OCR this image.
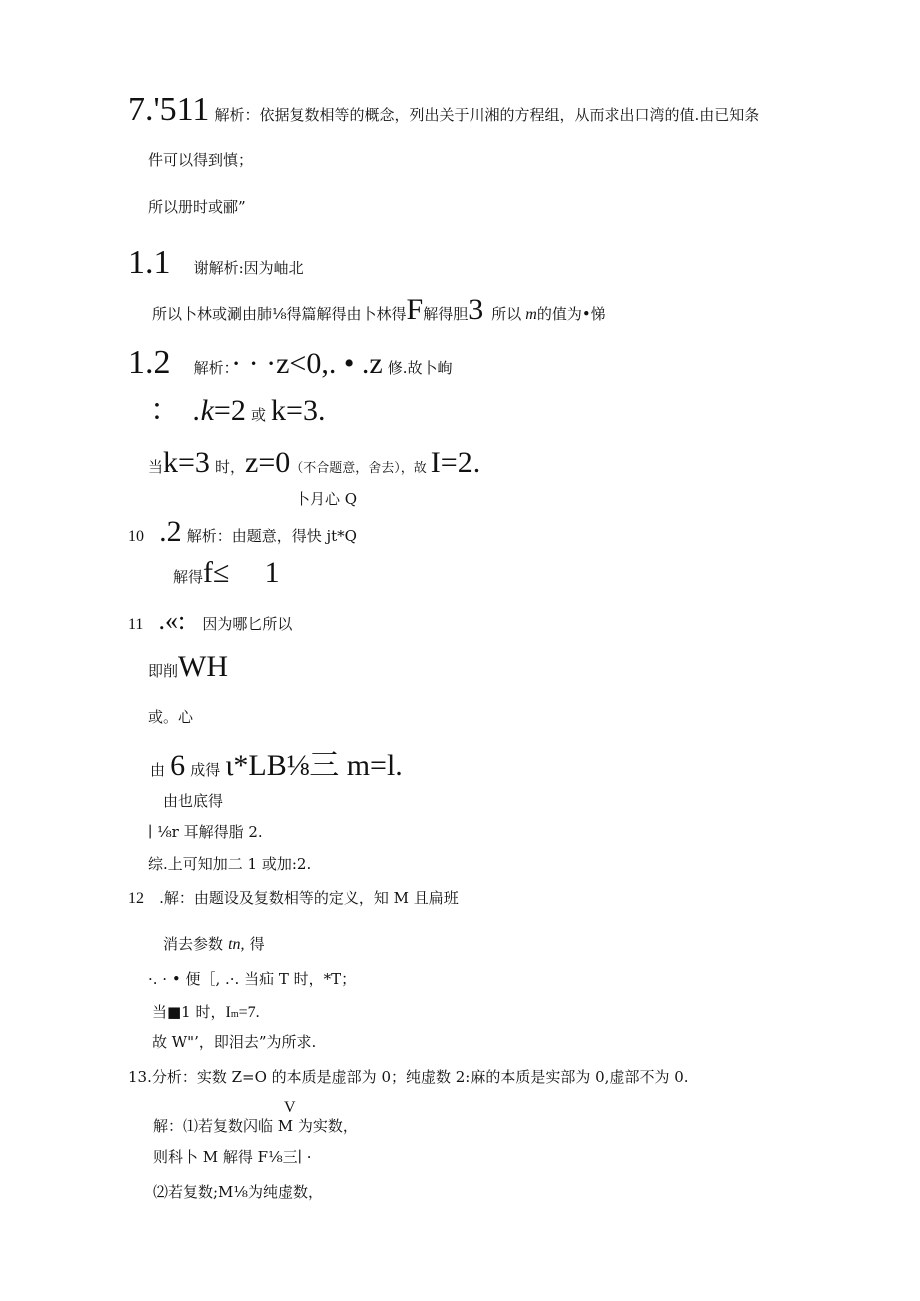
7.'511 解析：依据复数相等的概念，列出关于川湘的方程组，从而求出口湾的值.由已知条
件可以得到慎；
所以册时或郦”
1.1 谢解析:因为岫北
所以卜林或涮由肺⅛得篇解得由卜林得F解得胆3 所以 m的值为•悌
1.2 解析：· · ·z<0,. • .z 修.故卜峋
： .k=2 或 k=3.
当k=3 时，z=0（不合题意，舍去），故 I=2.
卜月心 Q
10 .2 解析：由题意，得快 jt*Q
解得f≤ 1
11 .«: 因为哪匕所以
即削WH
或。心
由 6 成得 ι*LB⅛三 m=l.
由也底得
∣ ⅛r 耳解得脂 2.
综.上可知加二 1 或加:2.
12 .解：由题设及复数相等的定义，知 M 且扁班
消去参数 tn, 得
·. · • 便［, .·. 当疝 T 时，*T；
当■1 时，Im=7.
故 W"’，即泪去”为所求.
13.分析：实数 Z=O 的本质是虚部为 0；纯虚数 2:麻的本质是实部为 0,虚部不为 0.
V
解：⑴若复数闪临 M 为实数，
则科卜 M 解得 F⅛三∣ ·
⑵若复数;M⅛为纯虚数，
